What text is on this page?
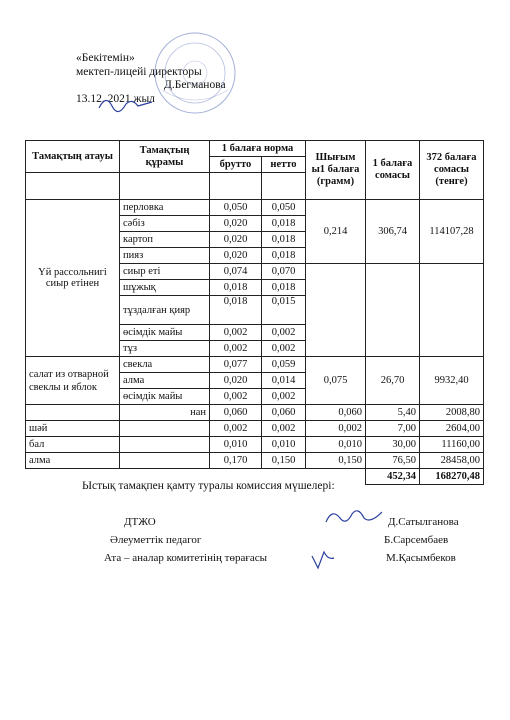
«Бекітемін»
мектеп-лицейі директоры
Д.Бегманова
13.12. 2021 жыл
Тамақтың атауы	Тамақтың құрамы	1 балаға норма		Шығым ы1 балаға (грамм)	1 балаға сомасы	372 балаға сомасы (тенге)
		брутто	нетто			

Үй рассольнигі сиыр етінен	перловка	0,050	0,050	0,214	306,74	114107,28
	сәбіз	0,020	0,018			
	картоп	0,020	0,018			
	пияз	0,020	0,018			
	сиыр еті	0,074	0,070			
	шұжық	0,018	0,018			
	тұздалған қияр	0,018	0,015			
	өсімдік майы	0,002	0,002			
	тұз	0,002	0,002			
салат из отварной свеклы и яблок	свекла	0,077	0,059	0,075	26,70	9932,40
	алма	0,020	0,014			
	өсімдік майы	0,002	0,002			
	нан	0,060	0,060	0,060	5,40	2008,80
шәй		0,002	0,002	0,002	7,00	2604,00
бал		0,010	0,010	0,010	30,00	11160,00
алма		0,170	0,150	0,150	76,50	28458,00
					452,34	168270,48
Ыстық тамақпен қамту туралы комиссия мүшелері:
ДТЖО
Әлеуметтік педагог
Ата – аналар комитетінің төрағасы
Д.Сатылганова
Б.Сарсембаев
М.Қасымбеков
